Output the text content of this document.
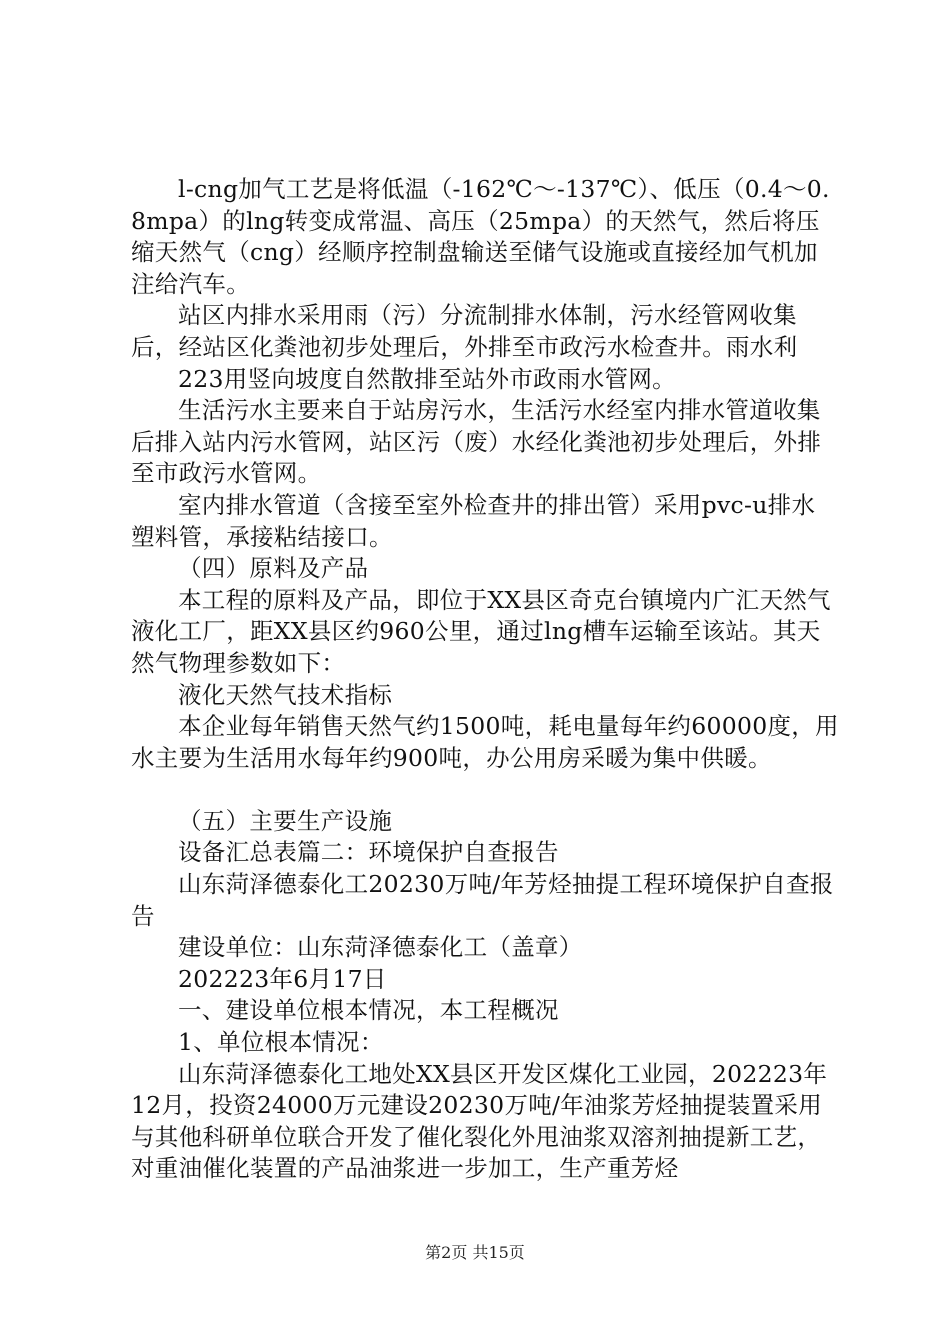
l-cng加气工艺是将低温（-162℃～-137℃）、低压（0.4～0.8mpa）的lng转变成常温、高压（25mpa）的天然气，然后将压缩天然气（cng）经顺序控制盘输送至储气设施或直接经加气机加注给汽车。

站区内排水采用雨（污）分流制排水体制，污水经管网收集后，经站区化粪池初步处理后，外排至市政污水检查井。雨水利

223用竖向坡度自然散排至站外市政雨水管网。

生活污水主要来自于站房污水，生活污水经室内排水管道收集后排入站内污水管网，站区污（废）水经化粪池初步处理后，外排至市政污水管网。

室内排水管道（含接至室外检查井的排出管）采用pvc-u排水塑料管，承接粘结接口。

（四）原料及产品

本工程的原料及产品，即位于XX县区奇克台镇境内广汇天然气液化工厂，距XX县区约960公里，通过lng槽车运输至该站。其天然气物理参数如下：

液化天然气技术指标

本企业每年销售天然气约1500吨，耗电量每年约60000度，用水主要为生活用水每年约900吨，办公用房采暖为集中供暖。

（五）主要生产设施

设备汇总表篇二：环境保护自查报告

山东菏泽德泰化工20230万吨/年芳烃抽提工程环境保护自查报告

建设单位：山东菏泽德泰化工（盖章）

202223年6月17日

一、建设单位根本情况，本工程概况

1、单位根本情况：

山东菏泽德泰化工地处XX县区开发区煤化工业园，202223年12月，投资24000万元建设20230万吨/年油浆芳烃抽提装置采用与其他科研单位联合开发了催化裂化外甩油浆双溶剂抽提新工艺，对重油催化装置的产品油浆进一步加工，生产重芳烃

第2页 共15页
